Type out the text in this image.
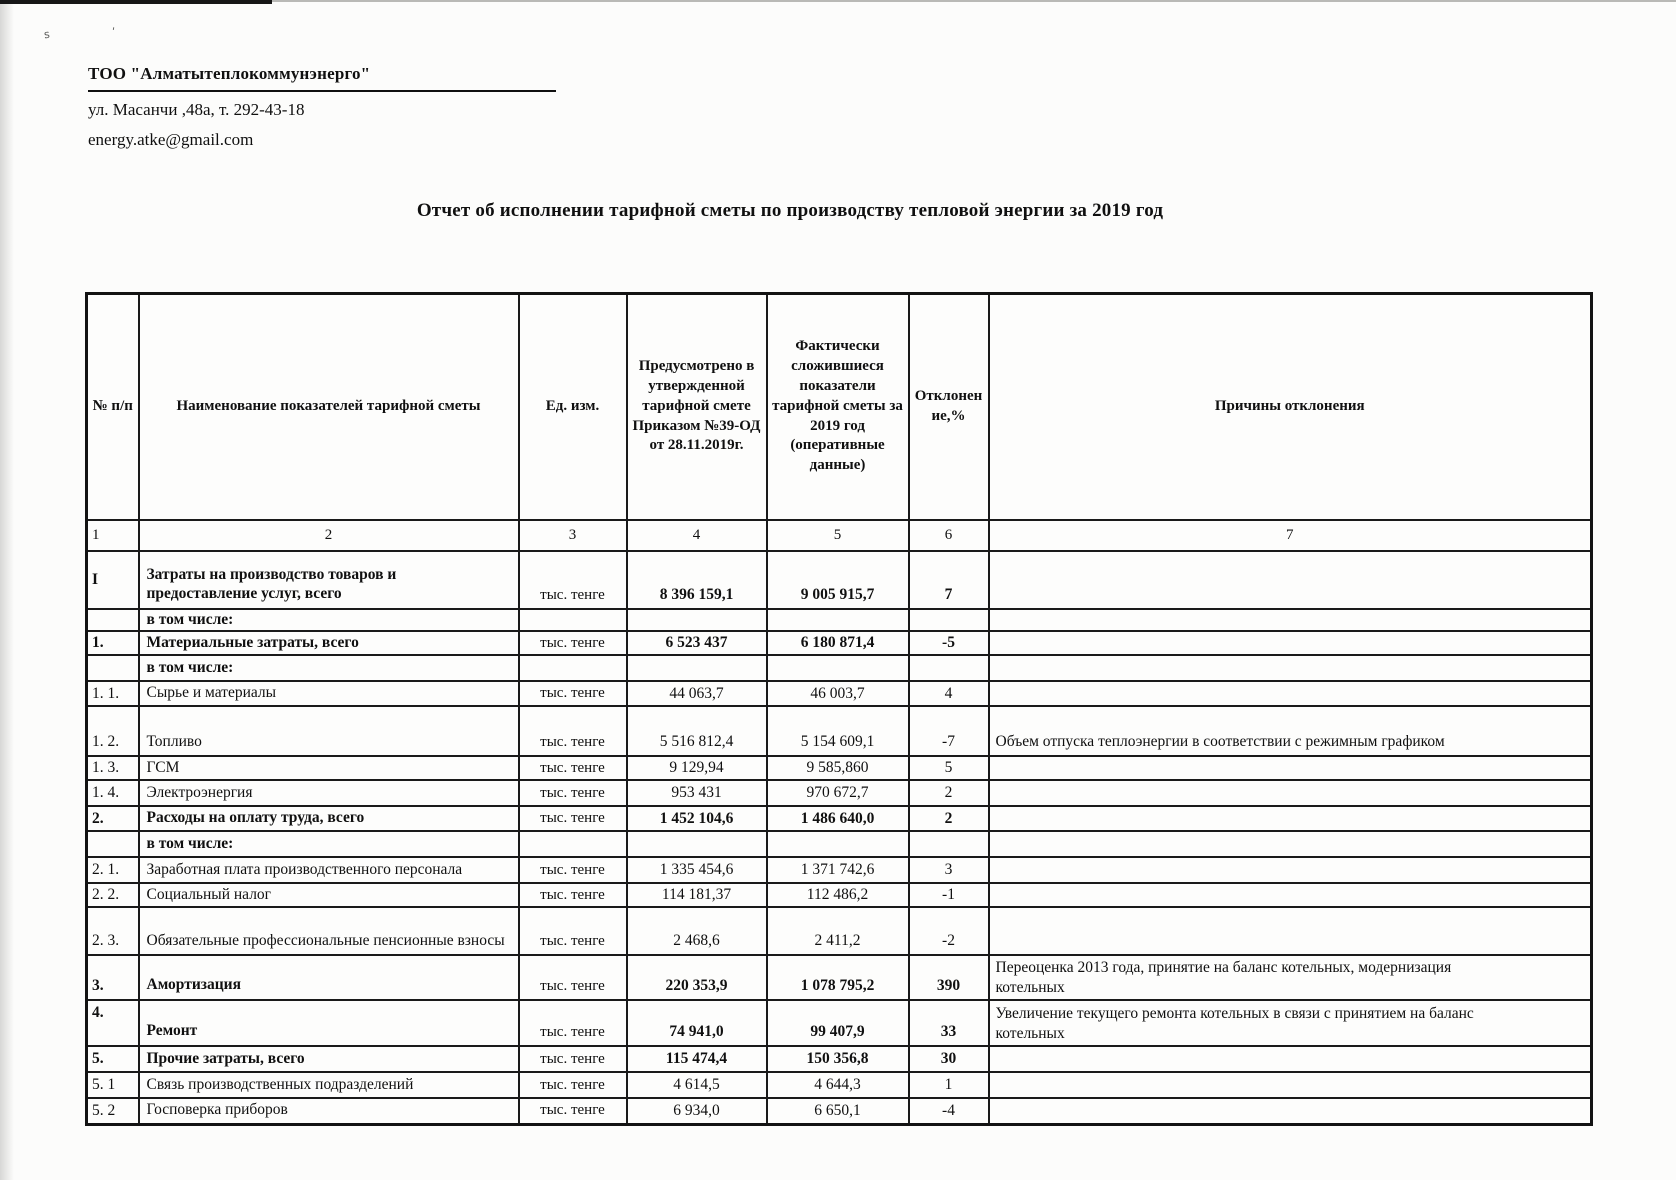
ѕ	ʹ
ТОО "Алматытеплокоммунэнерго"
ул. Масанчи ,48а, т. 292-43-18
energy.atke@gmail.com
Отчет об исполнении тарифной сметы по производству тепловой энергии за 2019 год
№ п/п	Наименование показателей тарифной сметы	Ед. изм.	Предусмотрено в утвержденной тарифной смете Приказом №39-ОД от 28.11.2019г.	Фактически сложившиеся показатели тарифной сметы за 2019 год (оперативные данные)	Отклонение,%	Причины отклонения
1	2	3	4	5	6	7
I	Затраты на производство товаров и предоставление услуг, всего	тыс. тенге	8 396 159,1	9 005 915,7	7	
	в том числе:					
1.	Материальные затраты, всего	тыс. тенге	6 523 437	6 180 871,4	-5	
	в том числе:					
1. 1.	Сырье и материалы	тыс. тенге	44 063,7	46 003,7	4	
1. 2.	Топливо	тыс. тенге	5 516 812,4	5 154 609,1	-7	Объем отпуска теплоэнергии в соответствии с режимным графиком
1. 3.	ГСМ	тыс. тенге	9 129,94	9 585,860	5	
1. 4.	Электроэнергия	тыс. тенге	953 431	970 672,7	2	
2.	Расходы на оплату труда, всего	тыс. тенге	1 452 104,6	1 486 640,0	2	
	в том числе:					
2. 1.	Заработная плата производственного персонала	тыс. тенге	1 335 454,6	1 371 742,6	3	
2. 2.	Социальный налог	тыс. тенге	114 181,37	112 486,2	-1	
2. 3.	Обязательные профессиональные пенсионные взносы	тыс. тенге	2 468,6	2 411,2	-2	
3.	Амортизация	тыс. тенге	220 353,9	1 078 795,2	390	Переоценка 2013 года, принятие на баланс котельных, модернизация котельных
4.	Ремонт	тыс. тенге	74 941,0	99 407,9	33	Увеличение текущего ремонта котельных в связи с принятием на баланс котельных
5.	Прочие затраты, всего	тыс. тенге	115 474,4	150 356,8	30	
5. 1	Связь производственных подразделений	тыс. тенге	4 614,5	4 644,3	1	
5. 2	Госповерка приборов	тыс. тенге	6 934,0	6 650,1	-4	
